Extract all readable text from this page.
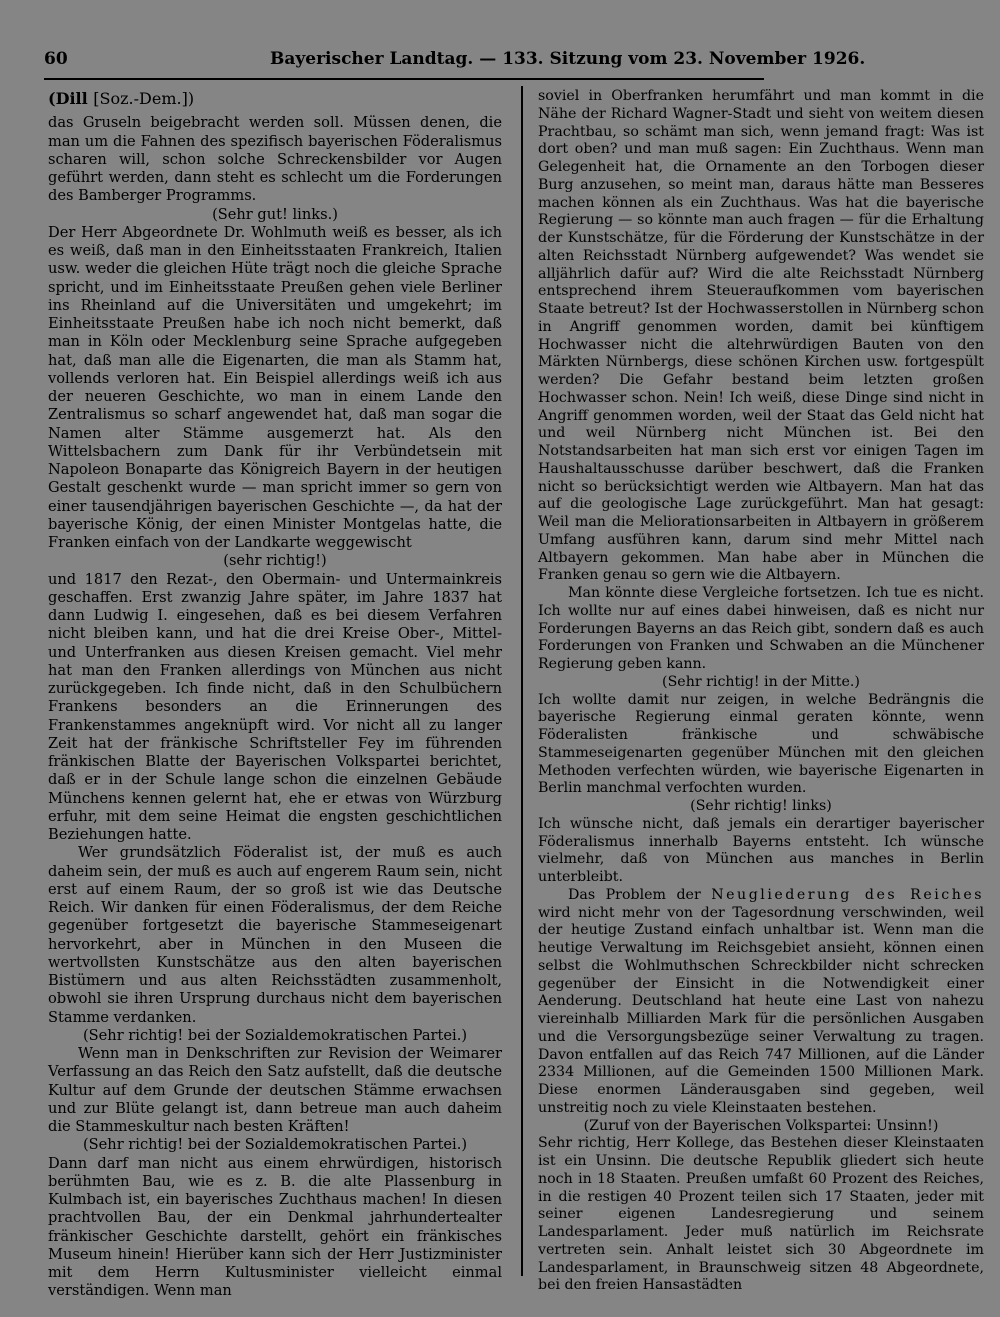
60	Bayerischer Landtag. — 133. Sitzung vom 23. November 1926.

(Dill [Soz.-Dem.])

das Gruseln beigebracht werden soll. Müssen denen, die man um die Fahnen des spezifisch bayerischen Föderalismus scharen will, schon solche Schreckensbilder vor Augen geführt werden, dann steht es schlecht um die Forderungen des Bamberger Programms.

(Sehr gut! links.)

Der Herr Abgeordnete Dr. Wohlmuth weiß es besser, als ich es weiß, daß man in den Einheitsstaaten Frankreich, Italien usw. weder die gleichen Hüte trägt noch die gleiche Sprache spricht, und im Einheitsstaate Preußen gehen viele Berliner ins Rheinland auf die Universitäten und umgekehrt; im Einheitsstaate Preußen habe ich noch nicht bemerkt, daß man in Köln oder Mecklenburg seine Sprache aufgegeben hat, daß man alle die Eigenarten, die man als Stamm hat, vollends verloren hat. Ein Beispiel allerdings weiß ich aus der neueren Geschichte, wo man in einem Lande den Zentralismus so scharf angewendet hat, daß man sogar die Namen alter Stämme ausgemerzt hat. Als den Wittelsbachern zum Dank für ihr Verbündetsein mit Napoleon Bonaparte das Königreich Bayern in der heutigen Gestalt geschenkt wurde — man spricht immer so gern von einer tausendjährigen bayerischen Geschichte —, da hat der bayerische König, der einen Minister Montgelas hatte, die Franken einfach von der Landkarte weggewischt

(sehr richtig!)

und 1817 den Rezat-, den Obermain- und Untermainkreis geschaffen. Erst zwanzig Jahre später, im Jahre 1837 hat dann Ludwig I. eingesehen, daß es bei diesem Verfahren nicht bleiben kann, und hat die drei Kreise Ober-, Mittel- und Unterfranken aus diesen Kreisen gemacht. Viel mehr hat man den Franken allerdings von München aus nicht zurückgegeben. Ich finde nicht, daß in den Schulbüchern Frankens besonders an die Erinnerungen des Frankenstammes angeknüpft wird. Vor nicht all zu langer Zeit hat der fränkische Schriftsteller Fey im führenden fränkischen Blatte der Bayerischen Volkspartei berichtet, daß er in der Schule lange schon die einzelnen Gebäude Münchens kennen gelernt hat, ehe er etwas von Würzburg erfuhr, mit dem seine Heimat die engsten geschichtlichen Beziehungen hatte.

Wer grundsätzlich Föderalist ist, der muß es auch daheim sein, der muß es auch auf engerem Raum sein, nicht erst auf einem Raum, der so groß ist wie das Deutsche Reich. Wir danken für einen Föderalismus, der dem Reiche gegenüber fortgesetzt die bayerische Stammeseigenart hervorkehrt, aber in München in den Museen die wertvollsten Kunstschätze aus den alten bayerischen Bistümern und aus alten Reichsstädten zusammenholt, obwohl sie ihren Ursprung durchaus nicht dem bayerischen Stamme verdanken.

(Sehr richtig! bei der Sozialdemokratischen Partei.)

Wenn man in Denkschriften zur Revision der Weimarer Verfassung an das Reich den Satz aufstellt, daß die deutsche Kultur auf dem Grunde der deutschen Stämme erwachsen und zur Blüte gelangt ist, dann betreue man auch daheim die Stammeskultur nach besten Kräften!

(Sehr richtig! bei der Sozialdemokratischen Partei.)

Dann darf man nicht aus einem ehrwürdigen, historisch berühmten Bau, wie es z. B. die alte Plassenburg in Kulmbach ist, ein bayerisches Zuchthaus machen! In diesen prachtvollen Bau, der ein Denkmal jahrhundertealter fränkischer Geschichte darstellt, gehört ein fränkisches Museum hinein! Hierüber kann sich der Herr Justizminister mit dem Herrn Kultusminister vielleicht einmal verständigen. Wenn man

soviel in Oberfranken herumfährt und man kommt in die Nähe der Richard Wagner-Stadt und sieht von weitem diesen Prachtbau, so schämt man sich, wenn jemand fragt: Was ist dort oben? und man muß sagen: Ein Zuchthaus. Wenn man Gelegenheit hat, die Ornamente an den Torbogen dieser Burg anzusehen, so meint man, daraus hätte man Besseres machen können als ein Zuchthaus. Was hat die bayerische Regierung — so könnte man auch fragen — für die Erhaltung der Kunstschätze, für die Förderung der Kunstschätze in der alten Reichsstadt Nürnberg aufgewendet? Was wendet sie alljährlich dafür auf? Wird die alte Reichsstadt Nürnberg entsprechend ihrem Steueraufkommen vom bayerischen Staate betreut? Ist der Hochwasserstollen in Nürnberg schon in Angriff genommen worden, damit bei künftigem Hochwasser nicht die altehrwürdigen Bauten von den Märkten Nürnbergs, diese schönen Kirchen usw. fortgespült werden? Die Gefahr bestand beim letzten großen Hochwasser schon. Nein! Ich weiß, diese Dinge sind nicht in Angriff genommen worden, weil der Staat das Geld nicht hat und weil Nürnberg nicht München ist. Bei den Notstandsarbeiten hat man sich erst vor einigen Tagen im Haushaltausschusse darüber beschwert, daß die Franken nicht so berücksichtigt werden wie Altbayern. Man hat das auf die geologische Lage zurückgeführt. Man hat gesagt: Weil man die Meliorationsarbeiten in Altbayern in größerem Umfang ausführen kann, darum sind mehr Mittel nach Altbayern gekommen. Man habe aber in München die Franken genau so gern wie die Altbayern.

Man könnte diese Vergleiche fortsetzen. Ich tue es nicht. Ich wollte nur auf eines dabei hinweisen, daß es nicht nur Forderungen Bayerns an das Reich gibt, sondern daß es auch Forderungen von Franken und Schwaben an die Münchener Regierung geben kann.

(Sehr richtig! in der Mitte.)

Ich wollte damit nur zeigen, in welche Bedrängnis die bayerische Regierung einmal geraten könnte, wenn Föderalisten fränkische und schwäbische Stammeseigenarten gegenüber München mit den gleichen Methoden verfechten würden, wie bayerische Eigenarten in Berlin manchmal verfochten wurden.

(Sehr richtig! links)

Ich wünsche nicht, daß jemals ein derartiger bayerischer Föderalismus innerhalb Bayerns entsteht. Ich wünsche vielmehr, daß von München aus manches in Berlin unterbleibt.

Das Problem der Neugliederung des Reiches wird nicht mehr von der Tagesordnung verschwinden, weil der heutige Zustand einfach unhaltbar ist. Wenn man die heutige Verwaltung im Reichsgebiet ansieht, können einen selbst die Wohlmuthschen Schreckbilder nicht schrecken gegenüber der Einsicht in die Notwendigkeit einer Aenderung. Deutschland hat heute eine Last von nahezu viereinhalb Milliarden Mark für die persönlichen Ausgaben und die Versorgungsbezüge seiner Verwaltung zu tragen. Davon entfallen auf das Reich 747 Millionen, auf die Länder 2334 Millionen, auf die Gemeinden 1500 Millionen Mark. Diese enormen Länderausgaben sind gegeben, weil unstreitig noch zu viele Kleinstaaten bestehen.

(Zuruf von der Bayerischen Volkspartei: Unsinn!)

Sehr richtig, Herr Kollege, das Bestehen dieser Kleinstaaten ist ein Unsinn. Die deutsche Republik gliedert sich heute noch in 18 Staaten. Preußen umfaßt 60 Prozent des Reiches, in die restigen 40 Prozent teilen sich 17 Staaten, jeder mit seiner eigenen Landesregierung und seinem Landesparlament. Jeder muß natürlich im Reichsrate vertreten sein. Anhalt leistet sich 30 Abgeordnete im Landesparlament, in Braunschweig sitzen 48 Abgeordnete, bei den freien Hansastädten
